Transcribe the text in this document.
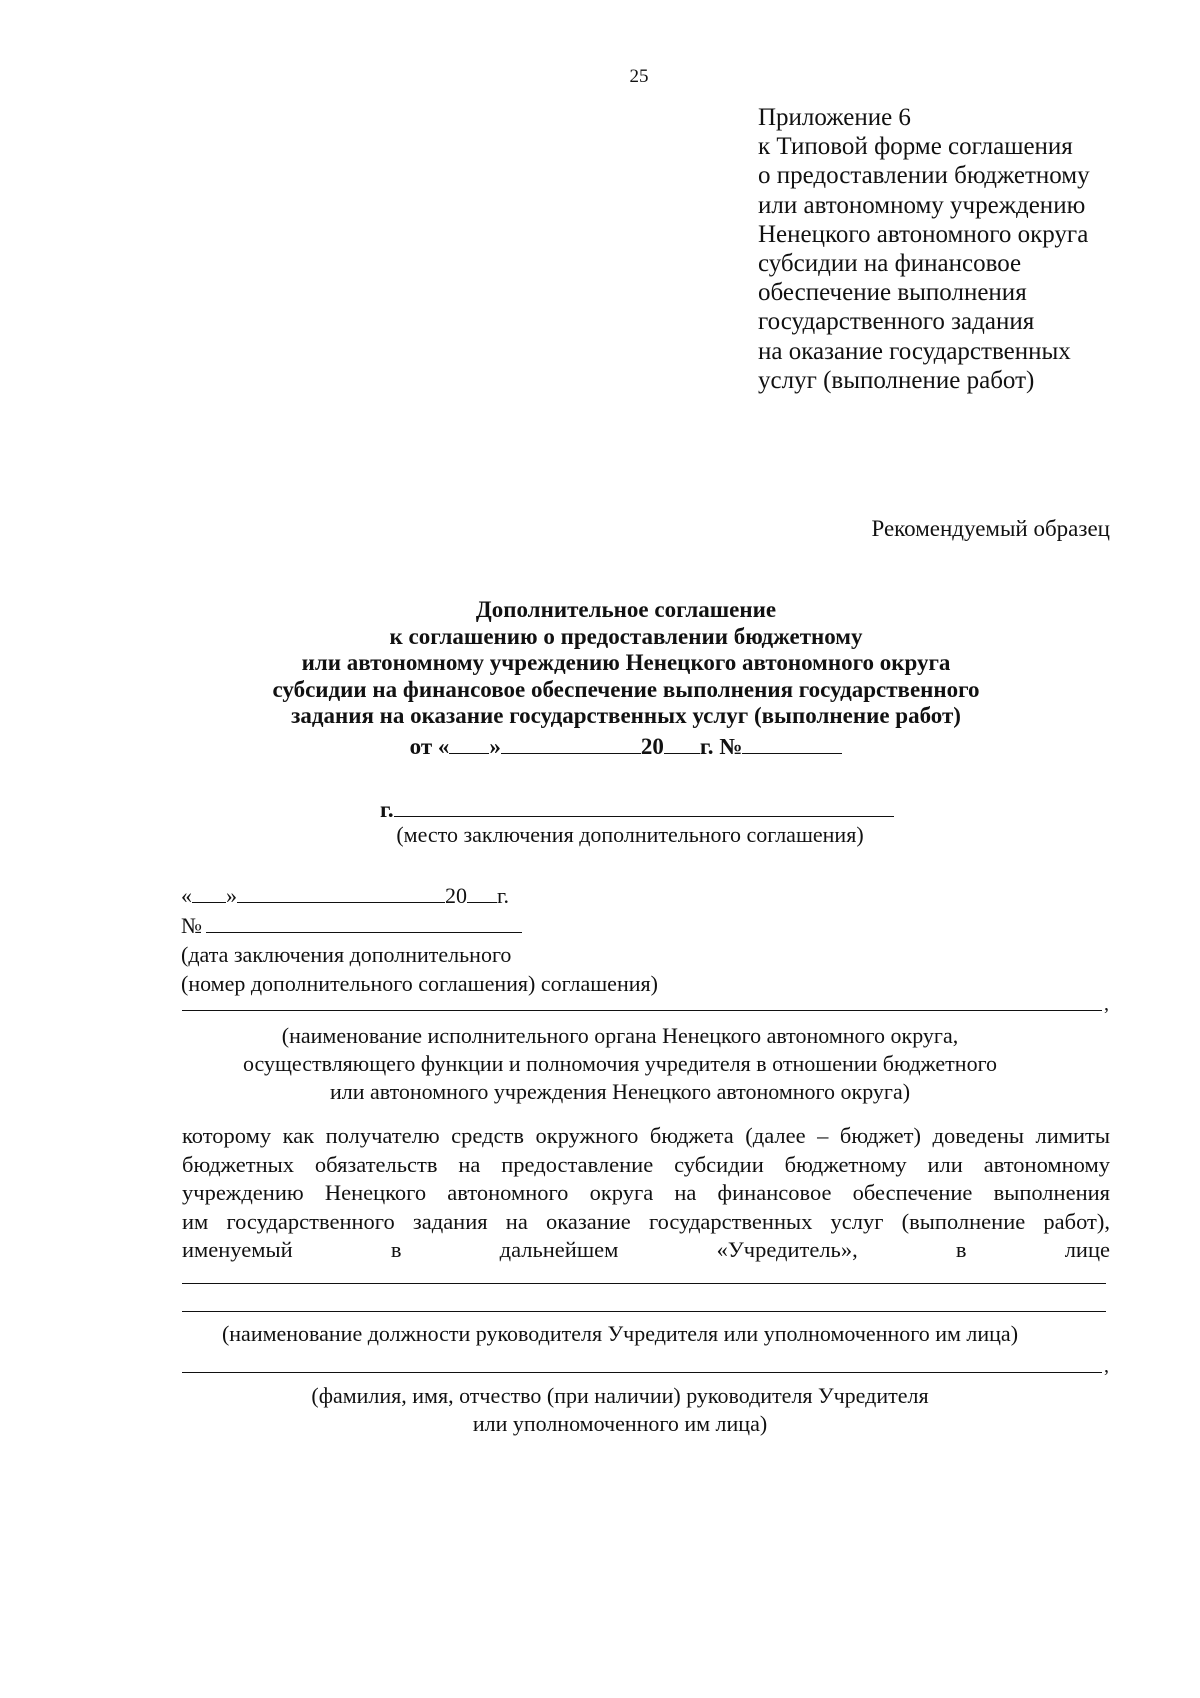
25
Приложение 6
к Типовой форме соглашения
о предоставлении бюджетному
или автономному учреждению
Ненецкого автономного округа
субсидии на финансовое
обеспечение выполнения
государственного задания
на оказание государственных
услуг (выполнение работ)
Рекомендуемый образец
Дополнительное соглашение
к соглашению о предоставлении бюджетному
или автономному учреждению Ненецкого автономного округа
субсидии на финансовое обеспечение выполнения государственного
задания на оказание государственных услуг (выполнение работ)
от « »	20 г. №
г.
(место заключения дополнительного соглашения)
« »	20 г.
№
(дата заключения дополнительного
(номер дополнительного соглашения) соглашения)
,
(наименование исполнительного органа Ненецкого автономного округа,
осуществляющего функции и полномочия учредителя в отношении бюджетного
или автономного учреждения Ненецкого автономного округа)
которому как получателю средств окружного бюджета (далее – бюджет) доведены лимиты
бюджетных обязательств на предоставление субсидии бюджетному или автономному
учреждению Ненецкого автономного округа на финансовое обеспечение выполнения
им государственного задания на оказание государственных услуг (выполнение работ),
именуемый в дальнейшем «Учредитель», в лице
(наименование должности руководителя Учредителя или уполномоченного им лица)
,
(фамилия, имя, отчество (при наличии) руководителя Учредителя
или уполномоченного им лица)
